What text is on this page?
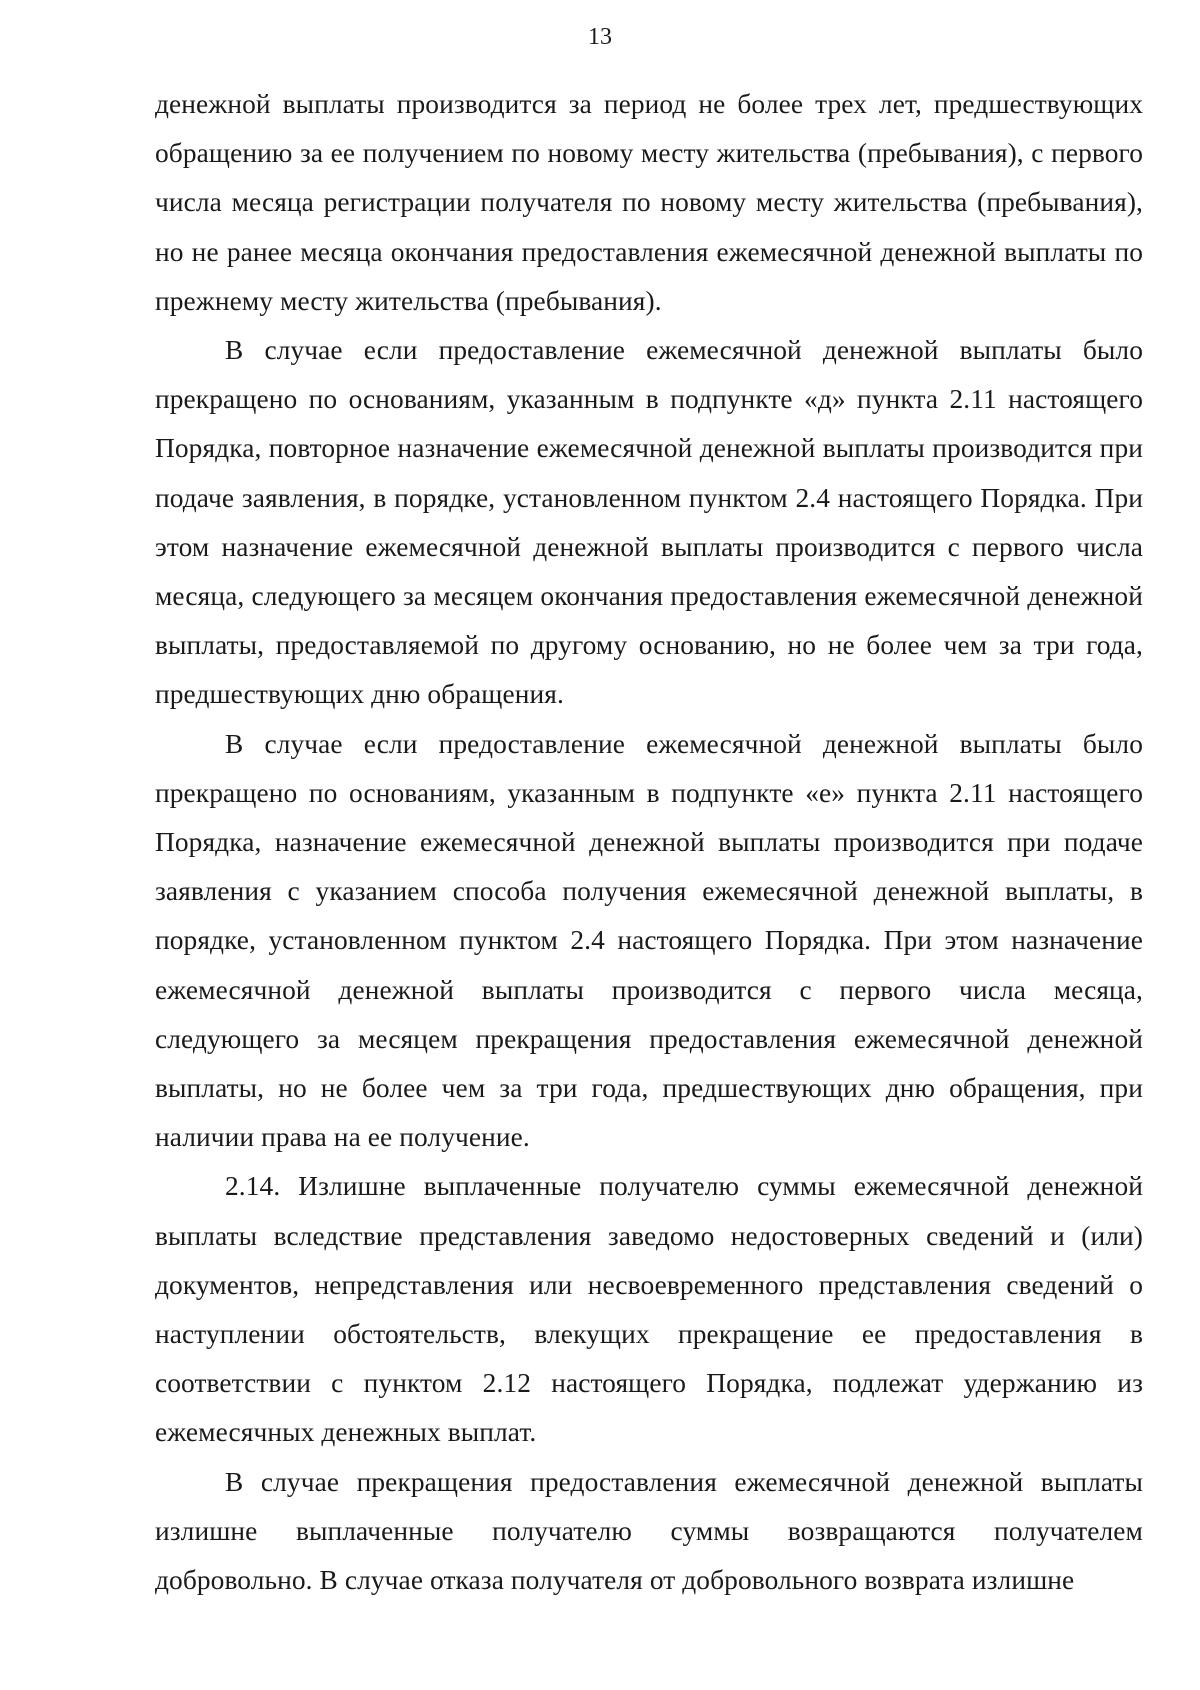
13

денежной выплаты производится за период не более трех лет, предшествующих обращению за ее получением по новому месту жительства (пребывания), с первого числа месяца регистрации получателя по новому месту жительства (пребывания), но не ранее месяца окончания предоставления ежемесячной денежной выплаты по прежнему месту жительства (пребывания).

В случае если предоставление ежемесячной денежной выплаты было прекращено по основаниям, указанным в подпункте «д» пункта 2.11 настоящего Порядка, повторное назначение ежемесячной денежной выплаты производится при подаче заявления, в порядке, установленном пунктом 2.4 настоящего Порядка. При этом назначение ежемесячной денежной выплаты производится с первого числа месяца, следующего за месяцем окончания предоставления ежемесячной денежной выплаты, предоставляемой по другому основанию, но не более чем за три года, предшествующих дню обращения.

В случае если предоставление ежемесячной денежной выплаты было прекращено по основаниям, указанным в подпункте «е» пункта 2.11 настоящего Порядка, назначение ежемесячной денежной выплаты производится при подаче заявления с указанием способа получения ежемесячной денежной выплаты, в порядке, установленном пунктом 2.4 настоящего Порядка. При этом назначение ежемесячной денежной выплаты производится с первого числа месяца, следующего за месяцем прекращения предоставления ежемесячной денежной выплаты, но не более чем за три года, предшествующих дню обращения, при наличии права на ее получение.

2.14. Излишне выплаченные получателю суммы ежемесячной денежной выплаты вследствие представления заведомо недостоверных сведений и (или) документов, непредставления или несвоевременного представления сведений о наступлении обстоятельств, влекущих прекращение ее предоставления в соответствии с пунктом 2.12 настоящего Порядка, подлежат удержанию из ежемесячных денежных выплат.

В случае прекращения предоставления ежемесячной денежной выплаты излишне выплаченные получателю суммы возвращаются получателем добровольно. В случае отказа получателя от добровольного возврата излишне
